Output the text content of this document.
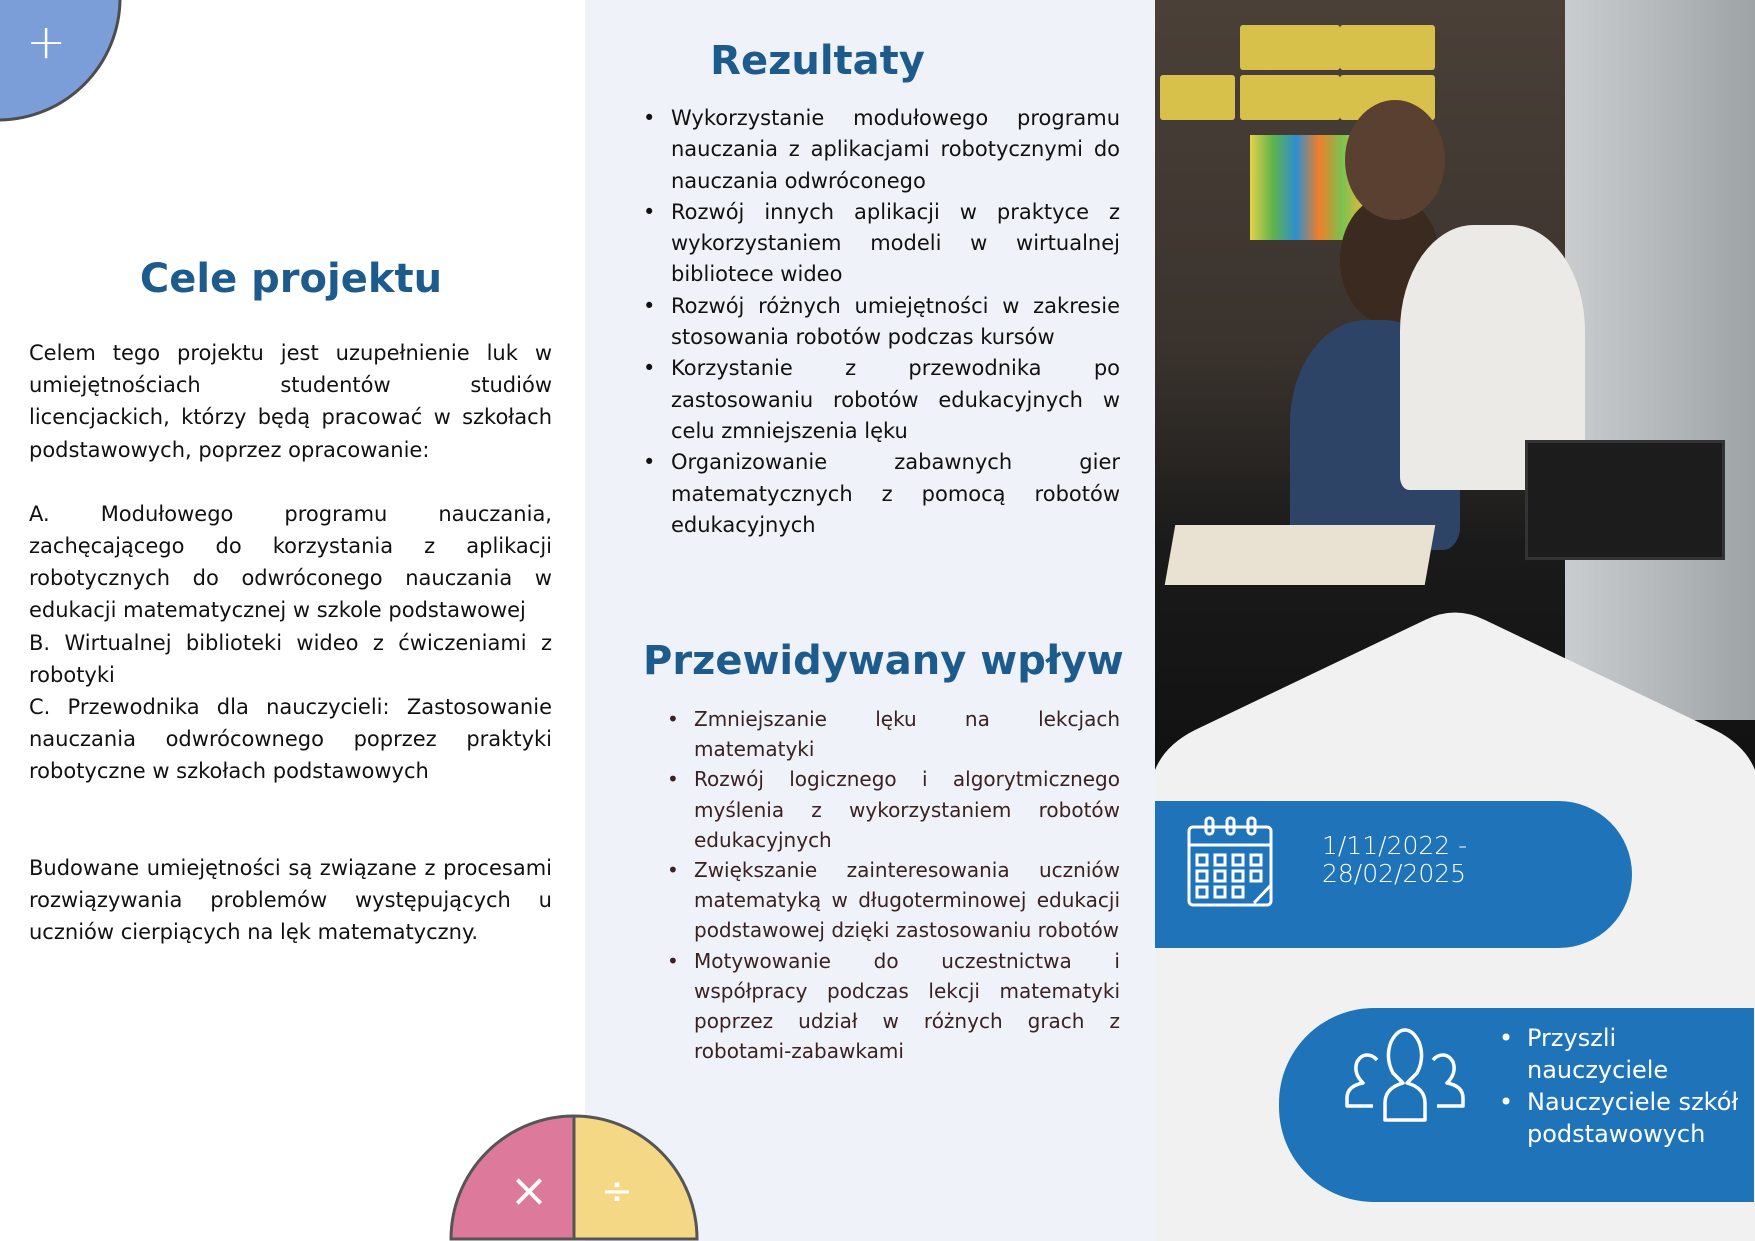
+
Cele projektu

Celem tego projektu jest uzupełnienie luk w umiejętnościach studentów studiów licencjackich, którzy będą pracować w szkołach podstawowych, poprzez opracowanie:

A. Modułowego programu nauczania, zachęcającego do korzystania z aplikacji robotycznych do odwróconego nauczania w edukacji matematycznej w szkole podstawowej

B. Wirtualnej biblioteki wideo z ćwiczeniami z robotyki

C. Przewodnika dla nauczycieli: Zastosowanie nauczania odwrócownego poprzez praktyki robotyczne w szkołach podstawowych

Budowane umiejętności są związane z procesami rozwiązywania problemów występujących u uczniów cierpiących na lęk matematyczny.

Rezultaty
• Wykorzystanie modułowego programu nauczania z aplikacjami robotycznymi do nauczania odwróconego
• Rozwój innych aplikacji w praktyce z wykorzystaniem modeli w wirtualnej bibliotece wideo
• Rozwój różnych umiejętności w zakresie stosowania robotów podczas kursów
• Korzystanie z przewodnika po zastosowaniu robotów edukacyjnych w celu zmniejszenia lęku
• Organizowanie zabawnych gier matematycznych z pomocą robotów edukacyjnych
Przewidywany wpływ
• Zmniejszanie lęku na lekcjach matematyki
• Rozwój logicznego i algorytmicznego myślenia z wykorzystaniem robotów edukacyjnych
• Zwiększanie zainteresowania uczniów matematyką w długoterminowej edukacji podstawowej dzięki zastosowaniu robotów
• Motywowanie do uczestnictwa i współpracy podczas lekcji matematyki poprzez udział w różnych grach z robotami-zabawkami
× ÷
1/11/2022 -
28/02/2025
• Przyszli nauczyciele
• Nauczyciele szkół podstawowych
